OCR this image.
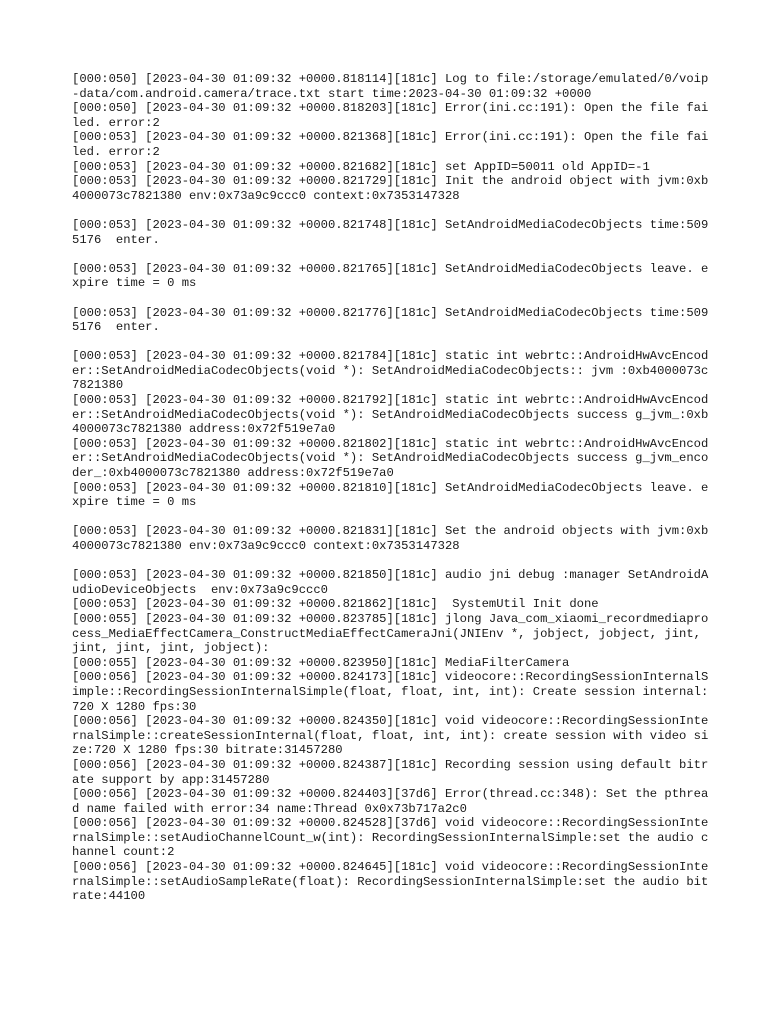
[000:050] [2023-04-30 01:09:32 +0000.818114][181c] Log to file:/storage/emulated/0/voip-data/com.android.camera/trace.txt start time:2023-04-30 01:09:32 +0000

[000:050] [2023-04-30 01:09:32 +0000.818203][181c] Error(ini.cc:191): Open the file failed. error:2

[000:053] [2023-04-30 01:09:32 +0000.821368][181c] Error(ini.cc:191): Open the file failed. error:2

[000:053] [2023-04-30 01:09:32 +0000.821682][181c] set AppID=50011 old AppID=-1

[000:053] [2023-04-30 01:09:32 +0000.821729][181c] Init the android object with jvm:0xb4000073c7821380 env:0x73a9c9ccc0 context:0x7353147328

[000:053] [2023-04-30 01:09:32 +0000.821748][181c] SetAndroidMediaCodecObjects time:5095176  enter.

[000:053] [2023-04-30 01:09:32 +0000.821765][181c] SetAndroidMediaCodecObjects leave. expire time = 0 ms

[000:053] [2023-04-30 01:09:32 +0000.821776][181c] SetAndroidMediaCodecObjects time:5095176  enter.

[000:053] [2023-04-30 01:09:32 +0000.821784][181c] static int webrtc::AndroidHwAvcEncoder::SetAndroidMediaCodecObjects(void *): SetAndroidMediaCodecObjects:: jvm :0xb4000073c7821380

[000:053] [2023-04-30 01:09:32 +0000.821792][181c] static int webrtc::AndroidHwAvcEncoder::SetAndroidMediaCodecObjects(void *): SetAndroidMediaCodecObjects success g_jvm_:0xb4000073c7821380 address:0x72f519e7a0

[000:053] [2023-04-30 01:09:32 +0000.821802][181c] static int webrtc::AndroidHwAvcEncoder::SetAndroidMediaCodecObjects(void *): SetAndroidMediaCodecObjects success g_jvm_encoder_:0xb4000073c7821380 address:0x72f519e7a0

[000:053] [2023-04-30 01:09:32 +0000.821810][181c] SetAndroidMediaCodecObjects leave. expire time = 0 ms

[000:053] [2023-04-30 01:09:32 +0000.821831][181c] Set the android objects with jvm:0xb4000073c7821380 env:0x73a9c9ccc0 context:0x7353147328

[000:053] [2023-04-30 01:09:32 +0000.821850][181c] audio jni debug :manager SetAndroidAudioDeviceObjects  env:0x73a9c9ccc0

[000:053] [2023-04-30 01:09:32 +0000.821862][181c]  SystemUtil Init done

[000:055] [2023-04-30 01:09:32 +0000.823785][181c] jlong Java_com_xiaomi_recordmediaprocess_MediaEffectCamera_ConstructMediaEffectCameraJni(JNIEnv *, jobject, jobject, jint, jint, jint, jint, jobject):

[000:055] [2023-04-30 01:09:32 +0000.823950][181c] MediaFilterCamera

[000:056] [2023-04-30 01:09:32 +0000.824173][181c] videocore::RecordingSessionInternalSimple::RecordingSessionInternalSimple(float, float, int, int): Create session internal:720 X 1280 fps:30

[000:056] [2023-04-30 01:09:32 +0000.824350][181c] void videocore::RecordingSessionInternalSimple::createSessionInternal(float, float, int, int): create session with video size:720 X 1280 fps:30 bitrate:31457280

[000:056] [2023-04-30 01:09:32 +0000.824387][181c] Recording session using default bitrate support by app:31457280

[000:056] [2023-04-30 01:09:32 +0000.824403][37d6] Error(thread.cc:348): Set the pthread name failed with error:34 name:Thread 0x0x73b717a2c0

[000:056] [2023-04-30 01:09:32 +0000.824528][37d6] void videocore::RecordingSessionInternalSimple::setAudioChannelCount_w(int): RecordingSessionInternalSimple:set the audio channel count:2

[000:056] [2023-04-30 01:09:32 +0000.824645][181c] void videocore::RecordingSessionInternalSimple::setAudioSampleRate(float): RecordingSessionInternalSimple:set the audio bitrate:44100
